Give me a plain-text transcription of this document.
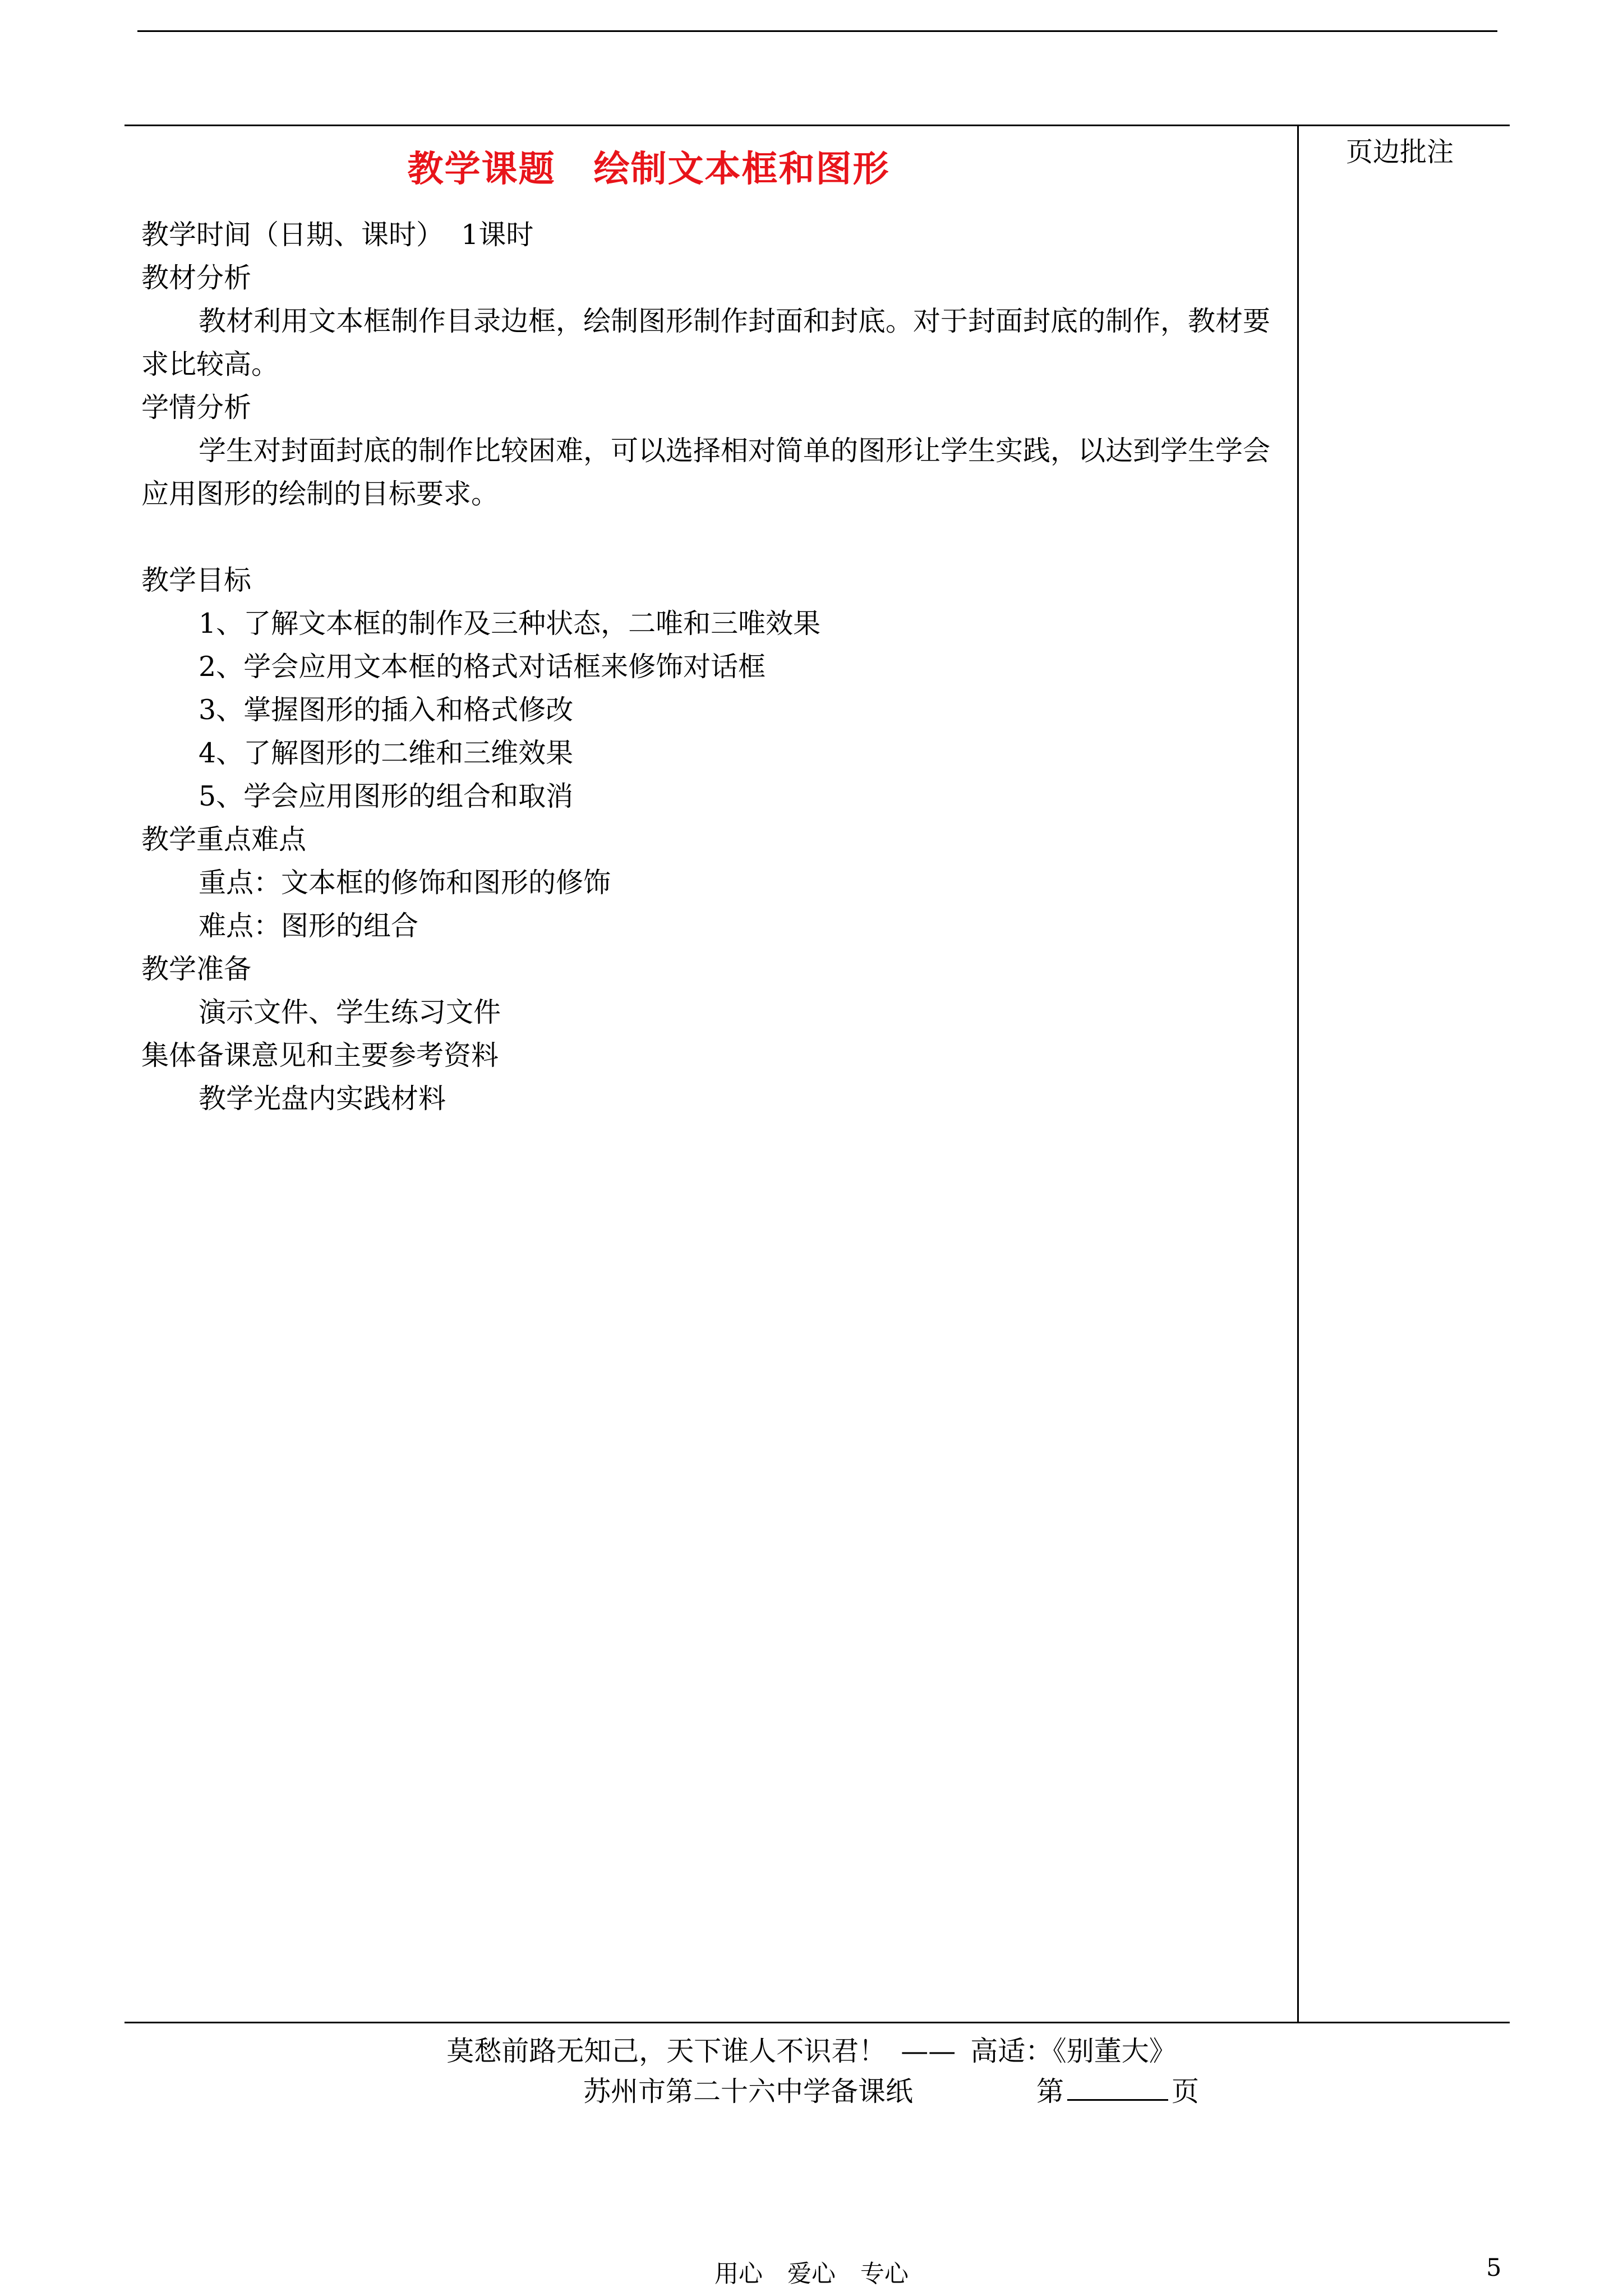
页边批注
教学课题 绘制文本框和图形

教学时间（日期、课时） 1课时

教材分析

教材利用文本框制作目录边框，绘制图形制作封面和封底。对于封面封底的制作，教材要求比较高。

学情分析

学生对封面封底的制作比较困难，可以选择相对简单的图形让学生实践，以达到学生学会应用图形的绘制的目标要求。

教学目标

1、了解文本框的制作及三种状态，二唯和三唯效果

2、学会应用文本框的格式对话框来修饰对话框

3、掌握图形的插入和格式修改

4、了解图形的二维和三维效果

5、学会应用图形的组合和取消

教学重点难点

重点：文本框的修饰和图形的修饰

难点：图形的组合

教学准备

演示文件、学生练习文件

集体备课意见和主要参考资料

教学光盘内实践材料

莫愁前路无知己，天下谁人不识君！ —— 高适：《别董大》
苏州市第二十六中学备课纸	第	页
用心 爱心 专心	5
